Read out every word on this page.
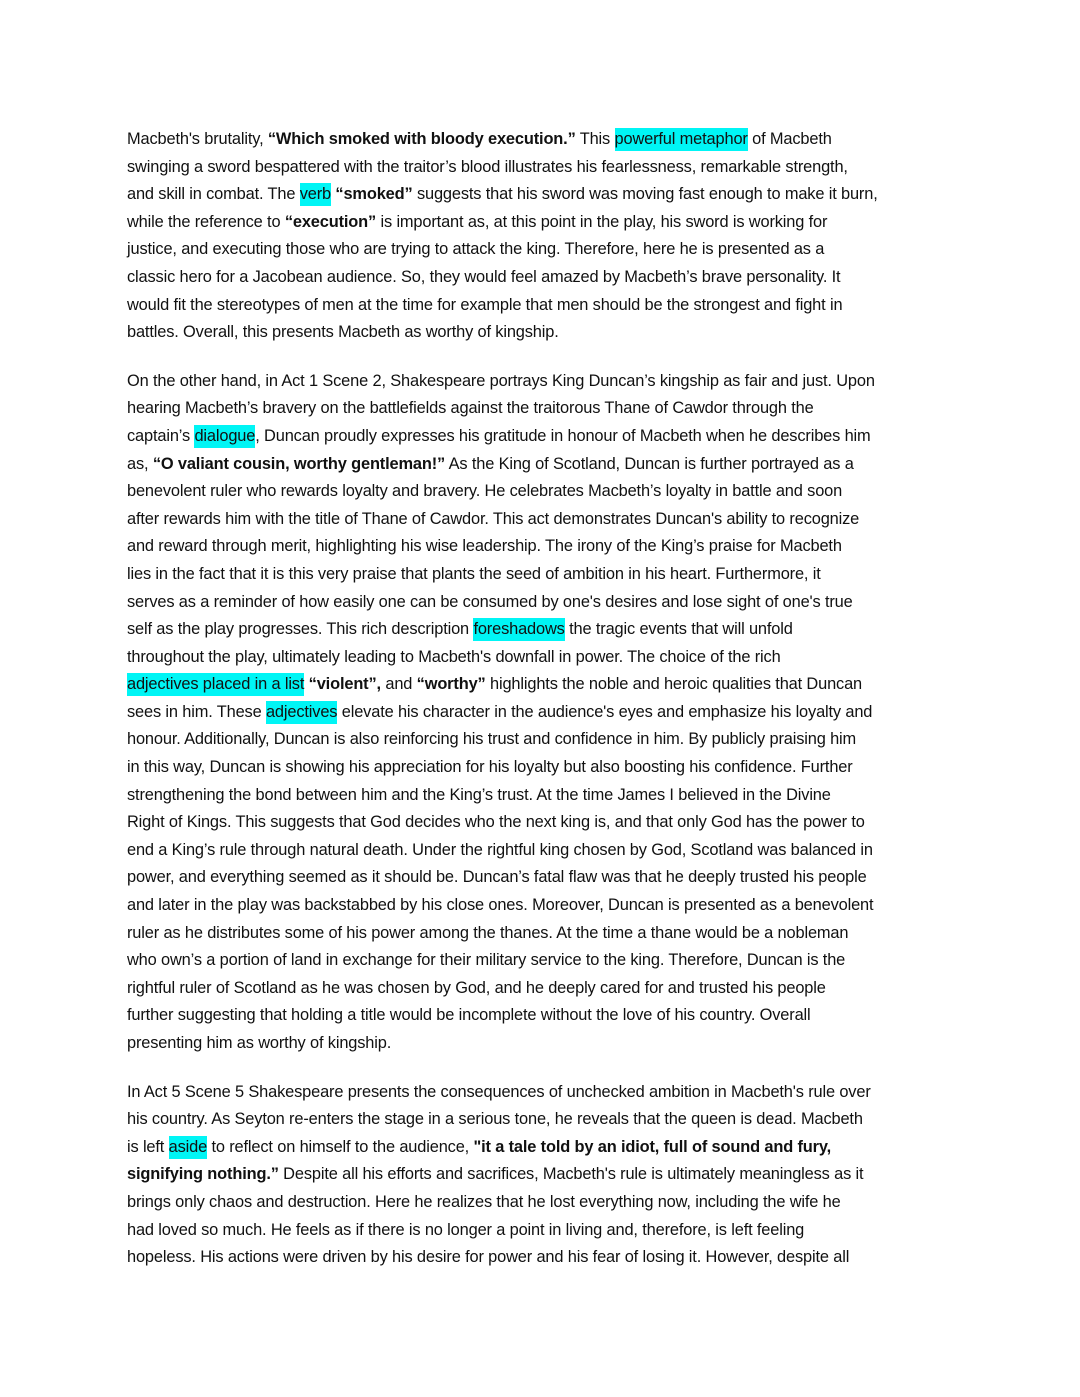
Macbeth's brutality, “Which smoked with bloody execution.” This powerful metaphor of Macbeth
swinging a sword bespattered with the traitor’s blood illustrates his fearlessness, remarkable strength,
and skill in combat. The verb “smoked” suggests that his sword was moving fast enough to make it burn,
while the reference to “execution” is important as, at this point in the play, his sword is working for
justice, and executing those who are trying to attack the king. Therefore, here he is presented as a
classic hero for a Jacobean audience. So, they would feel amazed by Macbeth’s brave personality. It
would fit the stereotypes of men at the time for example that men should be the strongest and fight in
battles. Overall, this presents Macbeth as worthy of kingship.
On the other hand, in Act 1 Scene 2, Shakespeare portrays King Duncan’s kingship as fair and just. Upon
hearing Macbeth’s bravery on the battlefields against the traitorous Thane of Cawdor through the
captain’s dialogue, Duncan proudly expresses his gratitude in honour of Macbeth when he describes him
as, “O valiant cousin, worthy gentleman!” As the King of Scotland, Duncan is further portrayed as a
benevolent ruler who rewards loyalty and bravery. He celebrates Macbeth’s loyalty in battle and soon
after rewards him with the title of Thane of Cawdor. This act demonstrates Duncan's ability to recognize
and reward through merit, highlighting his wise leadership. The irony of the King’s praise for Macbeth
lies in the fact that it is this very praise that plants the seed of ambition in his heart. Furthermore, it
serves as a reminder of how easily one can be consumed by one's desires and lose sight of one's true
self as the play progresses. This rich description foreshadows the tragic events that will unfold
throughout the play, ultimately leading to Macbeth's downfall in power. The choice of the rich
adjectives placed in a list “violent”, and “worthy” highlights the noble and heroic qualities that Duncan
sees in him. These adjectives elevate his character in the audience's eyes and emphasize his loyalty and
honour. Additionally, Duncan is also reinforcing his trust and confidence in him. By publicly praising him
in this way, Duncan is showing his appreciation for his loyalty but also boosting his confidence. Further
strengthening the bond between him and the King’s trust. At the time James I believed in the Divine
Right of Kings. This suggests that God decides who the next king is, and that only God has the power to
end a King’s rule through natural death. Under the rightful king chosen by God, Scotland was balanced in
power, and everything seemed as it should be. Duncan’s fatal flaw was that he deeply trusted his people
and later in the play was backstabbed by his close ones. Moreover, Duncan is presented as a benevolent
ruler as he distributes some of his power among the thanes. At the time a thane would be a nobleman
who own’s a portion of land in exchange for their military service to the king. Therefore, Duncan is the
rightful ruler of Scotland as he was chosen by God, and he deeply cared for and trusted his people
further suggesting that holding a title would be incomplete without the love of his country. Overall
presenting him as worthy of kingship.
In Act 5 Scene 5 Shakespeare presents the consequences of unchecked ambition in Macbeth's rule over
his country. As Seyton re-enters the stage in a serious tone, he reveals that the queen is dead. Macbeth
is left aside to reflect on himself to the audience, "it a tale told by an idiot, full of sound and fury,
signifying nothing.” Despite all his efforts and sacrifices, Macbeth's rule is ultimately meaningless as it
brings only chaos and destruction. Here he realizes that he lost everything now, including the wife he
had loved so much. He feels as if there is no longer a point in living and, therefore, is left feeling
hopeless. His actions were driven by his desire for power and his fear of losing it. However, despite all
